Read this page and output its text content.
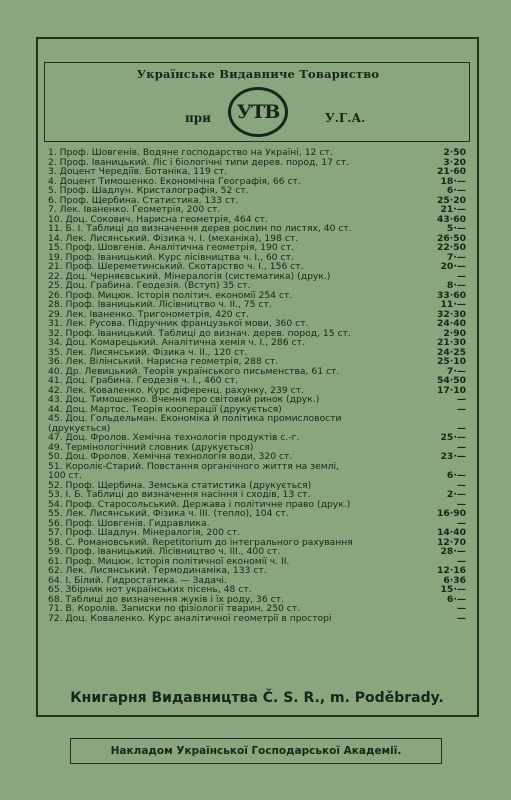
Українське Видавниче Товариство
при	УТВ	У.Г.А.
1. Проф. Шовгенів. Водяне господарство на Україні, 12 ст.	2·50
2. Проф. Іваницький. Ліс і біологічні типи дерев. пород, 17 ст.	3·20
3. Доцент Чередіїв. Ботаніка, 119 ст.	21·60
4. Доцент Тимошенко. Економічна Географія, 66 ст.	18·—
5. Проф. Шадлун. Кристалографія, 52 ст.	6·—
6. Проф. Щербина. Статистика, 133 ст.	25·20
7. Лек. Іваненко. Геометрія, 200 ст.	21·—
10. Доц. Сокович. Нарисна геометрія, 464 ст.	43·60
11. Б. І. Таблиці до визначення дерев рослин по листях, 40 ст.	5·—
14. Лек. Лисянський. Фізика ч. I. (механіка), 198 ст.	26·50
15. Проф. Шовгенів. Аналітична геометрія, 190 ст.	22·50
19. Проф. Іваницький. Курс лісівництва ч. I., 60 ст.	7·—
21. Проф. Шереметинський. Скотарство ч. I., 156 ст.	20·—
22. Доц. Черняєвський. Мінералогія (систематика) (друк.)	—
25. Доц. Грабина. Геодезія. (Вступ) 35 ст.	8·—
26. Проф. Мицюк. Історія політич. економії 254 ст.	33·60
28. Проф. Іваницький. Лісівництво ч. II., 75 ст.	11·—
29. Лек. Іваненко. Тригонометрія, 420 ст.	32·30
31. Лек. Русова. Підручник французької мови, 360 ст.	24·40
32. Проф. Іваницький. Таблиці до визнач. дерев. пород, 15 ст.	2·90
34. Доц. Комарецький. Аналітична хемія ч. I., 286 ст.	21·30
35. Лек. Лисянський. Фізика ч. II., 120 ст.	24·25
36. Лек. Вілінський. Нарисна геометрія, 288 ст.	25·10
40. Др. Левицький. Теорія українського письменства, 61 ст.	7·—
41. Доц. Грабина. Геодезія ч. I., 460 ст.	54·50
42. Лек. Коваленко. Курс діференц. рахунку, 239 ст.	17·10
43. Доц. Тимошенко. Вчення про світовий ринок (друк.)	—
44. Доц. Мартос. Теорія кооперації (друкується)	—
45. Доц. Гольдельман. Економіка й політика промисловости
(друкується)	—
47. Доц. Фролов. Хемічна технологія продуктів с.-г.	25·—
49. Термінологічний словник (друкується)	—
50. Доц. Фролов. Хемічна технологія води, 320 ст.	23·—
51. Короліє-Старий. Повстання органічного життя на землі,
100 ст.	6·—
52. Проф. Щербина. Земська статистика (друкується)	—
53. І. Б. Таблиці до визначення насіння і сходів, 13 ст.	2·—
54. Проф. Старосольський. Державa і політичне право (друк.)	—
55. Лек. Лисянський. Фізика ч. III. (тепло), 104 ст.	16·90
56. Проф. Шовгенів. Гидравлика.	—
57. Проф. Шадлун. Мінералогія, 200 ст.	14·40
58. С. Романовський. Repetitorium до інтегрального рахування	12·70
59. Проф. Іваницький. Лісівництво ч. III., 400 ст.	28·—
61. Проф. Мицюк. Історія політичної економії ч. II.	—
62. Лек. Лисянський. Термодинаміка, 133 ст.	12·16
64. І. Білий. Гидростатика. — Задачі.	6·36
65. Збірник нот українських пісень, 48 ст.	15·—
68. Таблиці до визначення жуків і їх роду, 36 ст.	6·—
71. В. Королів. Записки по фізіології тварин, 250 ст.	—
72. Доц. Коваленко. Курс аналітичної геометрії в просторі	—
Книгарня Видавництва Č. S. R., m. Poděbrady.
Накладом Української Господарської Академії.
